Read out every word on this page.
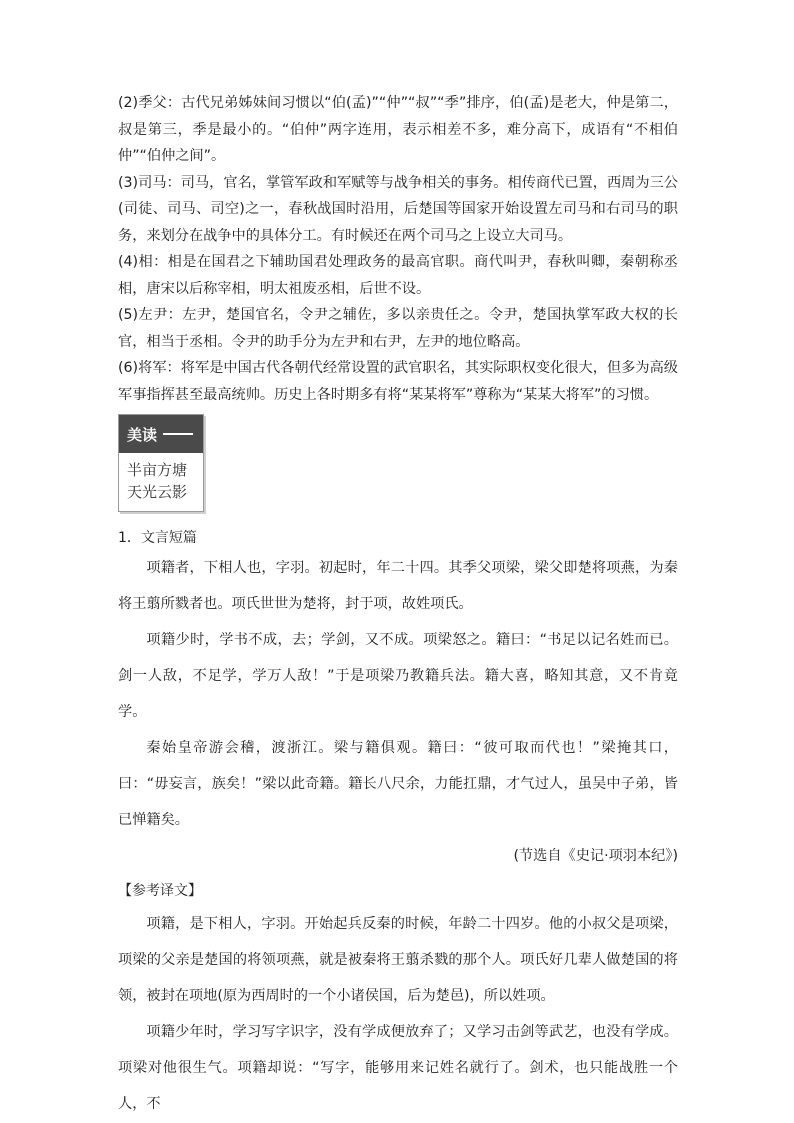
(2)季父：古代兄弟姊妹间习惯以“伯(孟)”“仲”“叔”“季”排序，伯(孟)是老大，仲是第二，叔是第三，季是最小的。“伯仲”两字连用，表示相差不多，难分高下，成语有“不相伯仲”“伯仲之间”。

(3)司马：司马，官名，掌管军政和军赋等与战争相关的事务。相传商代已置，西周为三公(司徒、司马、司空)之一，春秋战国时沿用，后楚国等国家开始设置左司马和右司马的职务，来划分在战争中的具体分工。有时候还在两个司马之上设立大司马。

(4)相：相是在国君之下辅助国君处理政务的最高官职。商代叫尹，春秋叫卿，秦朝称丞相，唐宋以后称宰相，明太祖废丞相，后世不设。

(5)左尹：左尹，楚国官名，令尹之辅佐，多以亲贵任之。令尹，楚国执掌军政大权的长官，相当于丞相。令尹的助手分为左尹和右尹，左尹的地位略高。

(6)将军：将军是中国古代各朝代经常设置的武官职名，其实际职权变化很大，但多为高级军事指挥甚至最高统帅。历史上各时期多有将“某某将军”尊称为“某某大将军”的习惯。

美读
半亩方塘
天光云影
1．文言短篇

项籍者，下相人也，字羽。初起时，年二十四。其季父项梁，梁父即楚将项燕，为秦将王翦所戮者也。项氏世世为楚将，封于项，故姓项氏。

项籍少时，学书不成，去；学剑，又不成。项梁怒之。籍曰：“书足以记名姓而已。剑一人敌，不足学，学万人敌！”于是项梁乃教籍兵法。籍大喜，略知其意，又不肯竟学。

秦始皇帝游会稽，渡浙江。梁与籍俱观。籍曰：“彼可取而代也！”梁掩其口，曰：“毋妄言，族矣！”梁以此奇籍。籍长八尺余，力能扛鼎，才气过人，虽吴中子弟，皆已惮籍矣。

(节选自《史记·项羽本纪》)
【参考译文】

项籍，是下相人，字羽。开始起兵反秦的时候，年龄二十四岁。他的小叔父是项梁，项梁的父亲是楚国的将领项燕，就是被秦将王翦杀戮的那个人。项氏好几辈人做楚国的将领，被封在项地(原为西周时的一个小诸侯国，后为楚邑)，所以姓项。

项籍少年时，学习写字识字，没有学成便放弃了；又学习击剑等武艺，也没有学成。项梁对他很生气。项籍却说：“写字，能够用来记姓名就行了。剑术，也只能战胜一个人，不
